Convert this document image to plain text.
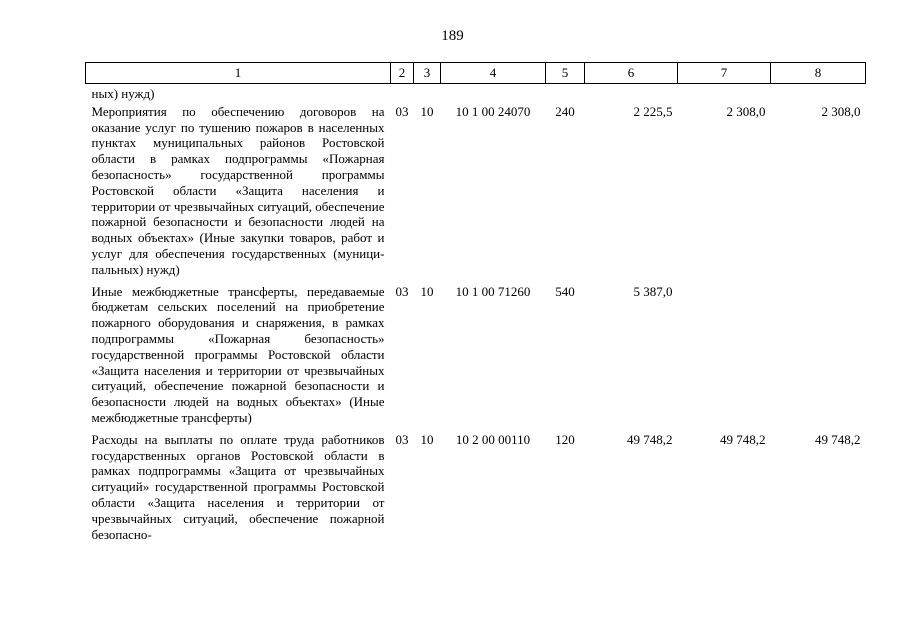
189
1	2	3	4	5	6	7	8
ных) нужд)							
Мероприятия по обеспечению договоров на оказание услуг по тушению пожаров в населенных пунктах муниципальных районов Ростовской области в рамках подпрограммы «Пожарная безопасность» государственной программы Ростовской области «Защита населения и территории от чрезвычайных ситуаций, обеспечение пожарной безопасности и безопасности людей на водных объектах» (Иные закупки товаров, работ и услуг для обеспечения государственных (муниципальных) нужд)	03	10	10 1 00 24070	240	2 225,5	2 308,0	2 308,0
Иные межбюджетные трансферты, передаваемые бюджетам сельских поселений на приобретение пожарного оборудования и снаряжения, в рамках подпрограммы «Пожарная безопасность» государственной программы Ростовской области «Защита населения и территории от чрезвычайных ситуаций, обеспечение пожарной безопасности и безопасности людей на водных объектах» (Иные межбюджетные трансферты)	03	10	10 1 00 71260	540	5 387,0		
Расходы на выплаты по оплате труда работников государственных органов Ростовской области в рамках подпрограммы «Защита от чрезвычайных ситуаций» государственной программы Ростовской области «Защита населения и территории от чрезвычайных ситуаций, обеспечение пожарной безопасно-	03	10	10 2 00 00110	120	49 748,2	49 748,2	49 748,2
